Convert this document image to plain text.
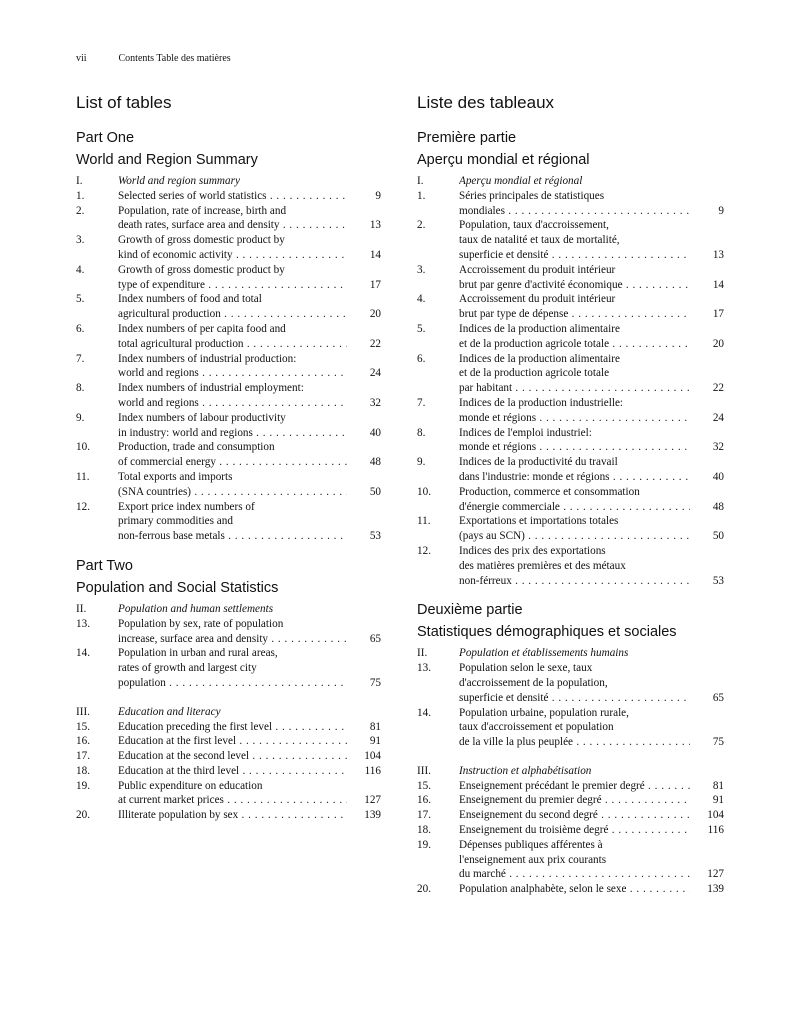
vii	Contents Table des matières
List of tables
Part One
World and Region Summary
I.	World and region summary
1.	Selected series of world statistics . . .	9
2.	Population, rate of increase, birth and
death rates, surface area and density . . .	13
3.	Growth of gross domestic product by
kind of economic activity . . .	14
4.	Growth of gross domestic product by
type of expenditure . . .	17
5.	Index numbers of food and total
agricultural production . . .	20
6.	Index numbers of per capita food and
total agricultural production . . .	22
7.	Index numbers of industrial production:
world and regions . . .	24
8.	Index numbers of industrial employment:
world and regions . . .	32
9.	Index numbers of labour productivity
in industry: world and regions . . .	40
10.	Production, trade and consumption
of commercial energy . . .	48
11.	Total exports and imports
(SNA countries) . . .	50
12.	Export price index numbers of
primary commodities and
non-ferrous base metals . . .	53
Part Two
Population and Social Statistics
II.	Population and human settlements
13.	Population by sex, rate of population
increase, surface area and density . . .	65
14.	Population in urban and rural areas,
rates of growth and largest city
population . . .	75
III.	Education and literacy
15.	Education preceding the first level . . .	81
16.	Education at the first level . . .	91
17.	Education at the second level . . .	104
18.	Education at the third level . . .	116
19.	Public expenditure on education
at current market prices . . .	127
20.	Illiterate population by sex . . .	139
Liste des tableaux
Première partie
Aperçu mondial et régional
I.	Aperçu mondial et régional
1.	Séries principales de statistiques
mondiales . . .	9
2.	Population, taux d'accroissement,
taux de natalité et taux de mortalité,
superficie et densité . . .	13
3.	Accroissement du produit intérieur
brut par genre d'activité économique . . .	14
4.	Accroissement du produit intérieur
brut par type de dépense . . .	17
5.	Indices de la production alimentaire
et de la production agricole totale . . .	20
6.	Indices de la production alimentaire
et de la production agricole totale
par habitant . . .	22
7.	Indices de la production industrielle:
monde et régions . . .	24
8.	Indices de l'emploi industriel:
monde et régions . . .	32
9.	Indices de la productivité du travail
dans l'industrie: monde et régions . . .	40
10.	Production, commerce et consommation
d'énergie commerciale . . .	48
11.	Exportations et importations totales
(pays au SCN) . . .	50
12.	Indices des prix des exportations
des matières premières et des métaux
non-férreux . . .	53
Deuxième partie
Statistiques démographiques et sociales
II.	Population et établissements humains
13.	Population selon le sexe, taux
d'accroissement de la population,
superficie et densité . . .	65
14.	Population urbaine, population rurale,
taux d'accroissement et population
de la ville la plus peuplée . . .	75
III.	Instruction et alphabétisation
15.	Enseignement précédant le premier degré . . .	81
16.	Enseignement du premier degré . . .	91
17.	Enseignement du second degré . . .	104
18.	Enseignement du troisième degré . . .	116
19.	Dépenses publiques afférentes à
l'enseignement aux prix courants
du marché . . .	127
20.	Population analphabète, selon le sexe . . .	139
